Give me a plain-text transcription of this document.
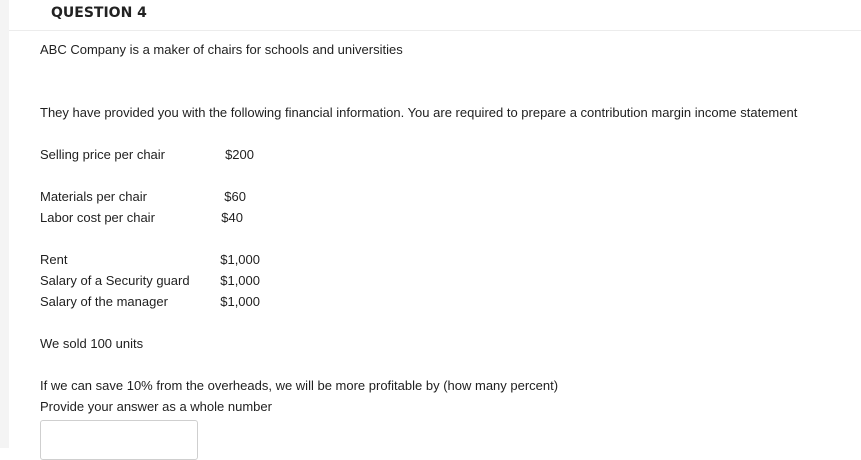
QUESTION 4
ABC Company is a maker of chairs for schools and universities
They have provided you with the following financial information. You are required to prepare a contribution margin income statement
Selling price per chair	$200
Materials per chair	$60
Labor cost per chair	$40
Rent	$1,000
Salary of a Security guard	$1,000
Salary of the manager	$1,000
We sold 100 units
If we can save 10% from the overheads, we will be more profitable by (how many percent)
Provide your answer as a whole number
